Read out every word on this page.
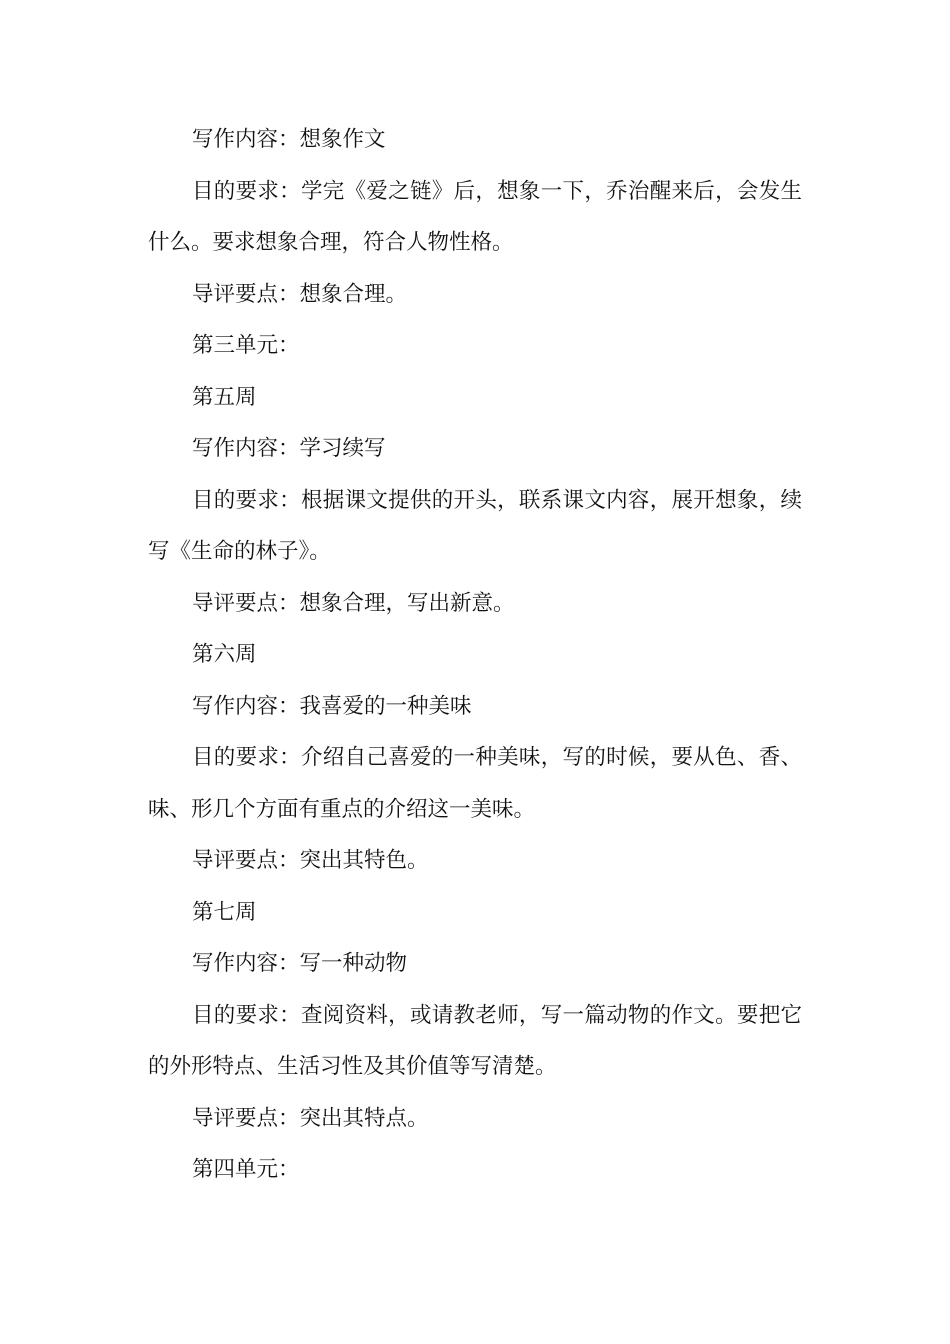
写作内容：想象作文

目的要求：学完《爱之链》后，想象一下，乔治醒来后，会发生什么。要求想象合理，符合人物性格。

导评要点：想象合理。

第三单元：

第五周

写作内容：学习续写

目的要求：根据课文提供的开头，联系课文内容，展开想象，续写《生命的林子》。

导评要点：想象合理，写出新意。

第六周

写作内容：我喜爱的一种美味

目的要求：介绍自己喜爱的一种美味，写的时候，要从色、香、味、形几个方面有重点的介绍这一美味。

导评要点：突出其特色。

第七周

写作内容：写一种动物

目的要求：查阅资料，或请教老师，写一篇动物的作文。要把它的外形特点、生活习性及其价值等写清楚。

导评要点：突出其特点。

第四单元：
